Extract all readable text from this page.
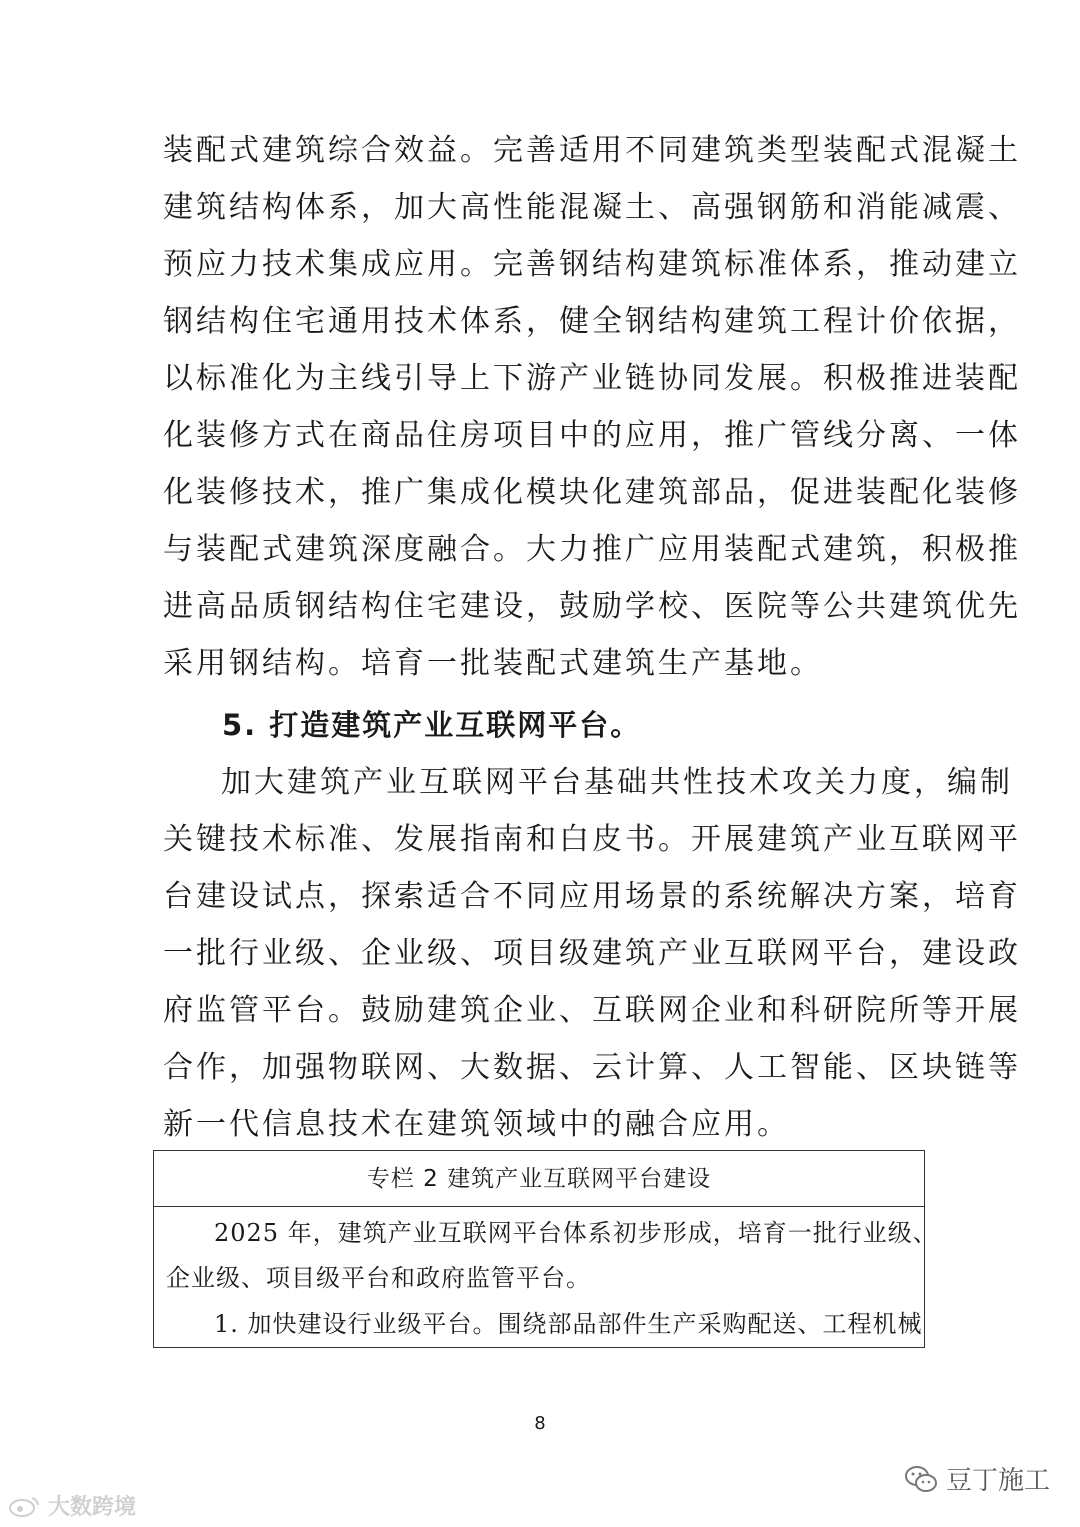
装配式建筑综合效益。完善适用不同建筑类型装配式混凝土
建筑结构体系，加大高性能混凝土、高强钢筋和消能减震、
预应力技术集成应用。完善钢结构建筑标准体系，推动建立
钢结构住宅通用技术体系，健全钢结构建筑工程计价依据，
以标准化为主线引导上下游产业链协同发展。积极推进装配
化装修方式在商品住房项目中的应用，推广管线分离、一体
化装修技术，推广集成化模块化建筑部品，促进装配化装修
与装配式建筑深度融合。大力推广应用装配式建筑，积极推
进高品质钢结构住宅建设，鼓励学校、医院等公共建筑优先
采用钢结构。培育一批装配式建筑生产基地。
5. 打造建筑产业互联网平台。
加大建筑产业互联网平台基础共性技术攻关力度，编制
关键技术标准、发展指南和白皮书。开展建筑产业互联网平
台建设试点，探索适合不同应用场景的系统解决方案，培育
一批行业级、企业级、项目级建筑产业互联网平台，建设政
府监管平台。鼓励建筑企业、互联网企业和科研院所等开展
合作，加强物联网、大数据、云计算、人工智能、区块链等
新一代信息技术在建筑领域中的融合应用。
专栏 2 建筑产业互联网平台建设
2025 年，建筑产业互联网平台体系初步形成，培育一批行业级、
企业级、项目级平台和政府监管平台。
1. 加快建设行业级平台。围绕部品部件生产采购配送、工程机械
8
大数跨境
豆丁施工
